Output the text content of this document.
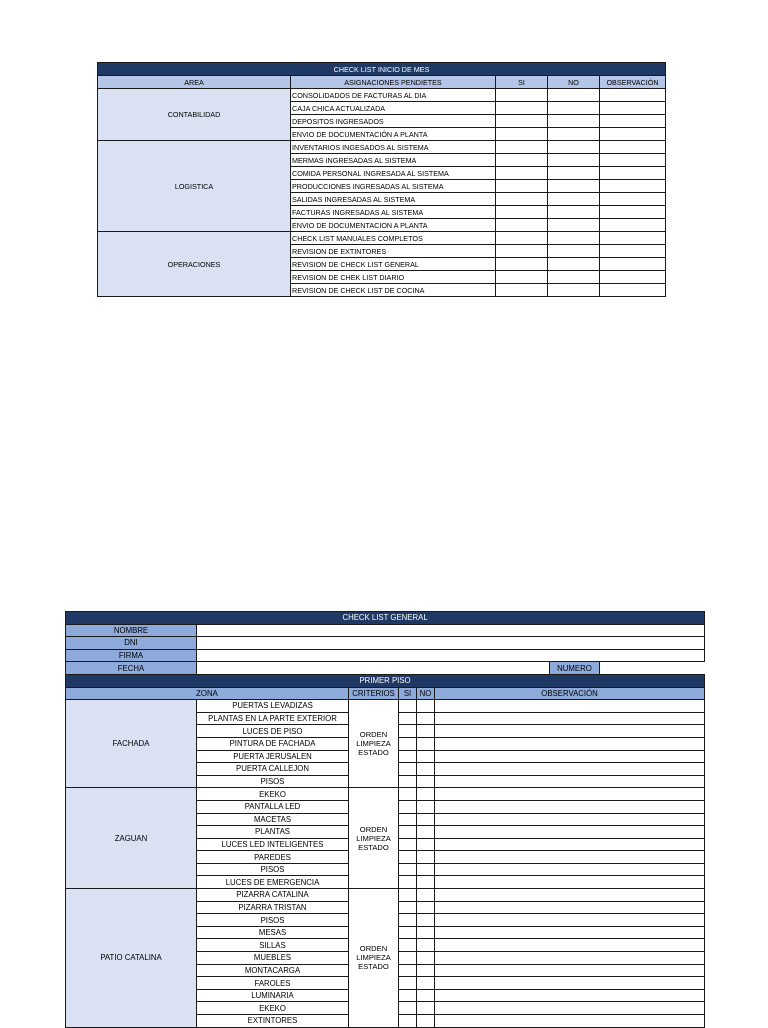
CHECK LIST INICIO DE MES				
AREA	ASIGNACIONES PENDIETES	SI	NO	OBSERVACIÓN
CONTABILIDAD	CONSOLIDADOS DE FACTURAS AL DIA			
	CAJA CHICA ACTUALIZADA			
	DEPOSITOS INGRESADOS			
	ENVIO DE DOCUMENTACIÓN A PLANTA			
LOGISTICA	INVENTARIOS INGESADOS AL SISTEMA			
	MERMAS INGRESADAS AL SISTEMA			
	COMIDA PERSONAL INGRESADA AL SISTEMA			
	PRODUCCIONES INGRESADAS AL SISTEMA			
	SALIDAS INGRESADAS AL SISTEMA			
	FACTURAS INGRESADAS AL SISTEMA			
	ENVIO DE DOCUMENTACION A PLANTA			
OPERACIONES	CHECK LIST MANUALES COMPLETOS			
	REVISION DE EXTINTORES			
	REVISION DE CHECK LIST GENERAL			
	REVISION DE CHEK LIST DIARIO			
	REVISION DE CHECK LIST DE COCINA			
CHECK LIST GENERAL							
NOMBRE							
DNI							
FIRMA							
FECHA						NUMERO	
PRIMER PISO							
ZONA		CRITERIOS	SI	NO	OBSERVACIÓN		
FACHADA	PUERTAS LEVADIZAS	ORDEN
LIMPIEZA
ESTADO					

	PLANTAS EN LA PARTE EXTERIOR						
	LUCES DE PISO						
	PINTURA DE FACHADA						
	PUERTA JERUSALEN						
	PUERTA CALLEJON						
	PISOS						
ZAGUAN	EKEKO	ORDEN
LIMPIEZA
ESTADO					

	PANTALLA LED						
	MACETAS						
	PLANTAS						
	LUCES LED INTELIGENTES						
	PAREDES						
	PISOS						
	LUCES DE EMERGENCIA						
PATIO CATALINA	PIZARRA CATALINA	ORDEN
LIMPIEZA
ESTADO					

	PIZARRA TRISTAN						
	PISOS						
	MESAS						
	SILLAS						
	MUEBLES						
	MONTACARGA						
	FAROLES						
	LUMINARIA						
	EKEKO						
	EXTINTORES						
